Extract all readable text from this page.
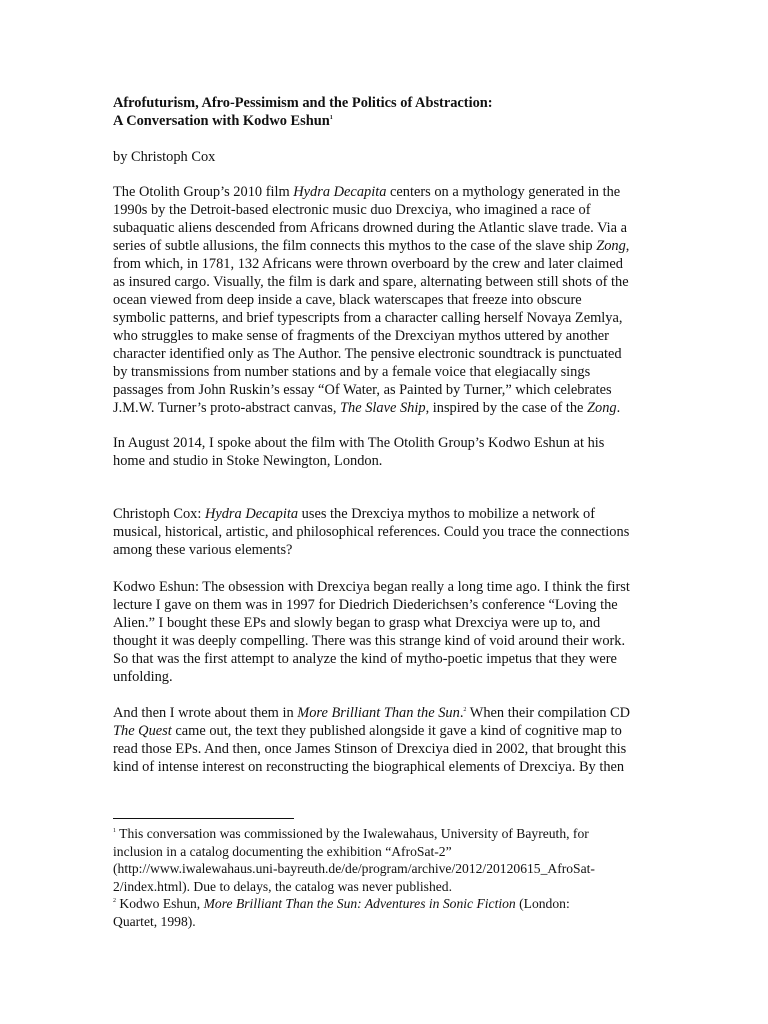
Afrofuturism, Afro-Pessimism and the Politics of Abstraction:
A Conversation with Kodwo Eshun$^1$
by Christoph Cox
The Otolith Group’s 2010 film Hydra Decapita centers on a mythology generated in the
1990s by the Detroit-based electronic music duo Drexciya, who imagined a race of
subaquatic aliens descended from Africans drowned during the Atlantic slave trade. Via a
series of subtle allusions, the film connects this mythos to the case of the slave ship Zong,
from which, in 1781, 132 Africans were thrown overboard by the crew and later claimed
as insured cargo. Visually, the film is dark and spare, alternating between still shots of the
ocean viewed from deep inside a cave, black waterscapes that freeze into obscure
symbolic patterns, and brief typescripts from a character calling herself Novaya Zemlya,
who struggles to make sense of fragments of the Drexciyan mythos uttered by another
character identified only as The Author. The pensive electronic soundtrack is punctuated
by transmissions from number stations and by a female voice that elegiacally sings
passages from John Ruskin’s essay “Of Water, as Painted by Turner,” which celebrates
J.M.W. Turner’s proto-abstract canvas, The Slave Ship, inspired by the case of the Zong.
In August 2014, I spoke about the film with The Otolith Group’s Kodwo Eshun at his
home and studio in Stoke Newington, London.
Christoph Cox: Hydra Decapita uses the Drexciya mythos to mobilize a network of
musical, historical, artistic, and philosophical references. Could you trace the connections
among these various elements?
Kodwo Eshun: The obsession with Drexciya began really a long time ago. I think the first
lecture I gave on them was in 1997 for Diedrich Diederichsen’s conference “Loving the
Alien.” I bought these EPs and slowly began to grasp what Drexciya were up to, and
thought it was deeply compelling. There was this strange kind of void around their work.
So that was the first attempt to analyze the kind of mytho-poetic impetus that they were
unfolding.
And then I wrote about them in More Brilliant Than the Sun.$^2$ When their compilation CD
The Quest came out, the text they published alongside it gave a kind of cognitive map to
read those EPs. And then, once James Stinson of Drexciya died in 2002, that brought this
kind of intense interest on reconstructing the biographical elements of Drexciya. By then
$^1$ This conversation was commissioned by the Iwalewahaus, University of Bayreuth, for
inclusion in a catalog documenting the exhibition “AfroSat-2”
(http://www.iwalewahaus.uni-bayreuth.de/de/program/archive/2012/20120615_AfroSat-
2/index.html). Due to delays, the catalog was never published.
$^2$ Kodwo Eshun, More Brilliant Than the Sun: Adventures in Sonic Fiction (London:
Quartet, 1998).
